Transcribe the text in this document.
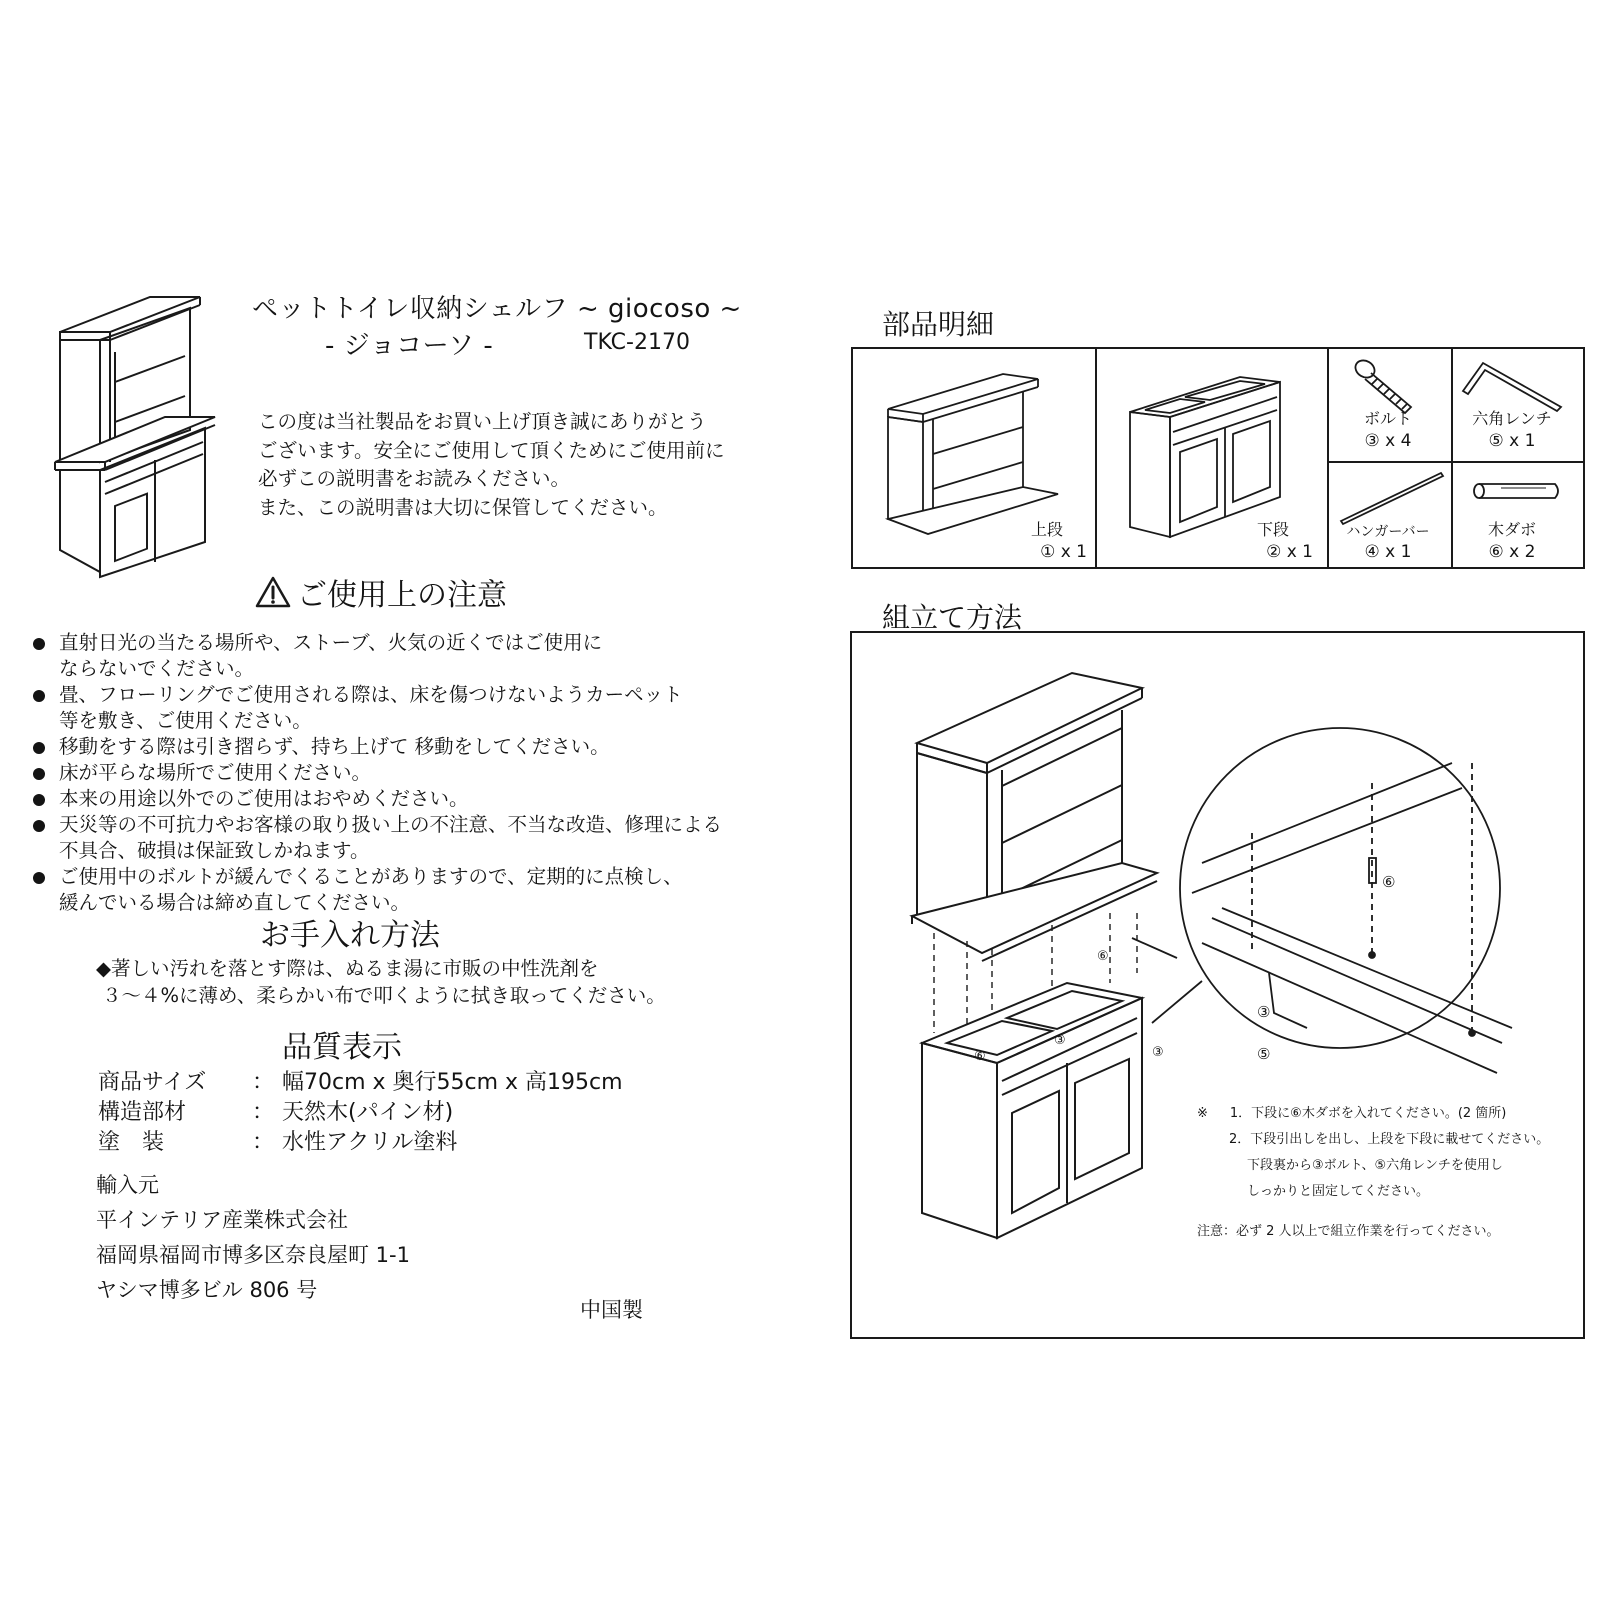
ペットトイレ収納シェルフ ~ giocoso ~
- ジョコーソ -	TKC-2170

この度は当社製品をお買い上げ頂き誠にありがとう

ございます。安全にご使用して頂くためにご使用前に

必ずこの説明書をお読みください。

また、この説明書は大切に保管してください。

ご使用上の注意
直射日光の当たる場所や、ストーブ、火気の近くではご使用に
ならないでください。
畳、フローリングでご使用される際は、床を傷つけないようカーペット
等を敷き、ご使用ください。
移動をする際は引き摺らず、持ち上げて 移動をしてください。
床が平らな場所でご使用ください。
本来の用途以外でのご使用はおやめください。
天災等の不可抗力やお客様の取り扱い上の不注意、不当な改造、修理による
不具合、破損は保証致しかねます。
ご使用中のボルトが緩んでくることがありますので、定期的に点検し、
緩んでいる場合は締め直してください。
お手入れ方法

◆著しい汚れを落とす際は、ぬるま湯に市販の中性洗剤を

３～４%に薄め、柔らかい布で叩くように拭き取ってください。

品質表示
商品サイズ	： 幅70cm x 奥行55cm x 高195cm
構造部材	： 天然木(パイン材)
塗　装	： 水性アクリル塗料
輸入元
平インテリア産業株式会社
福岡県福岡市博多区奈良屋町 1-1
ヤシマ博多ビル 806 号
中国製
部品明細
上段
① x 1
下段
② x 1
ボルト
③ x 4
六角レンチ
⑤ x 1
ハンガーバー
④ x 1
木ダボ
⑥ x 2
組立て方法
⑥
⑥
③
③
⑥
③
⑤
※ 1．下段に⑥木ダボを入れてください。(2 箇所)
2．下段引出しを出し、上段を下段に載せてください。
下段裏から③ボルト、⑤六角レンチを使用し
しっかりと固定してください。
注意：必ず 2 人以上で組立作業を行ってください。
